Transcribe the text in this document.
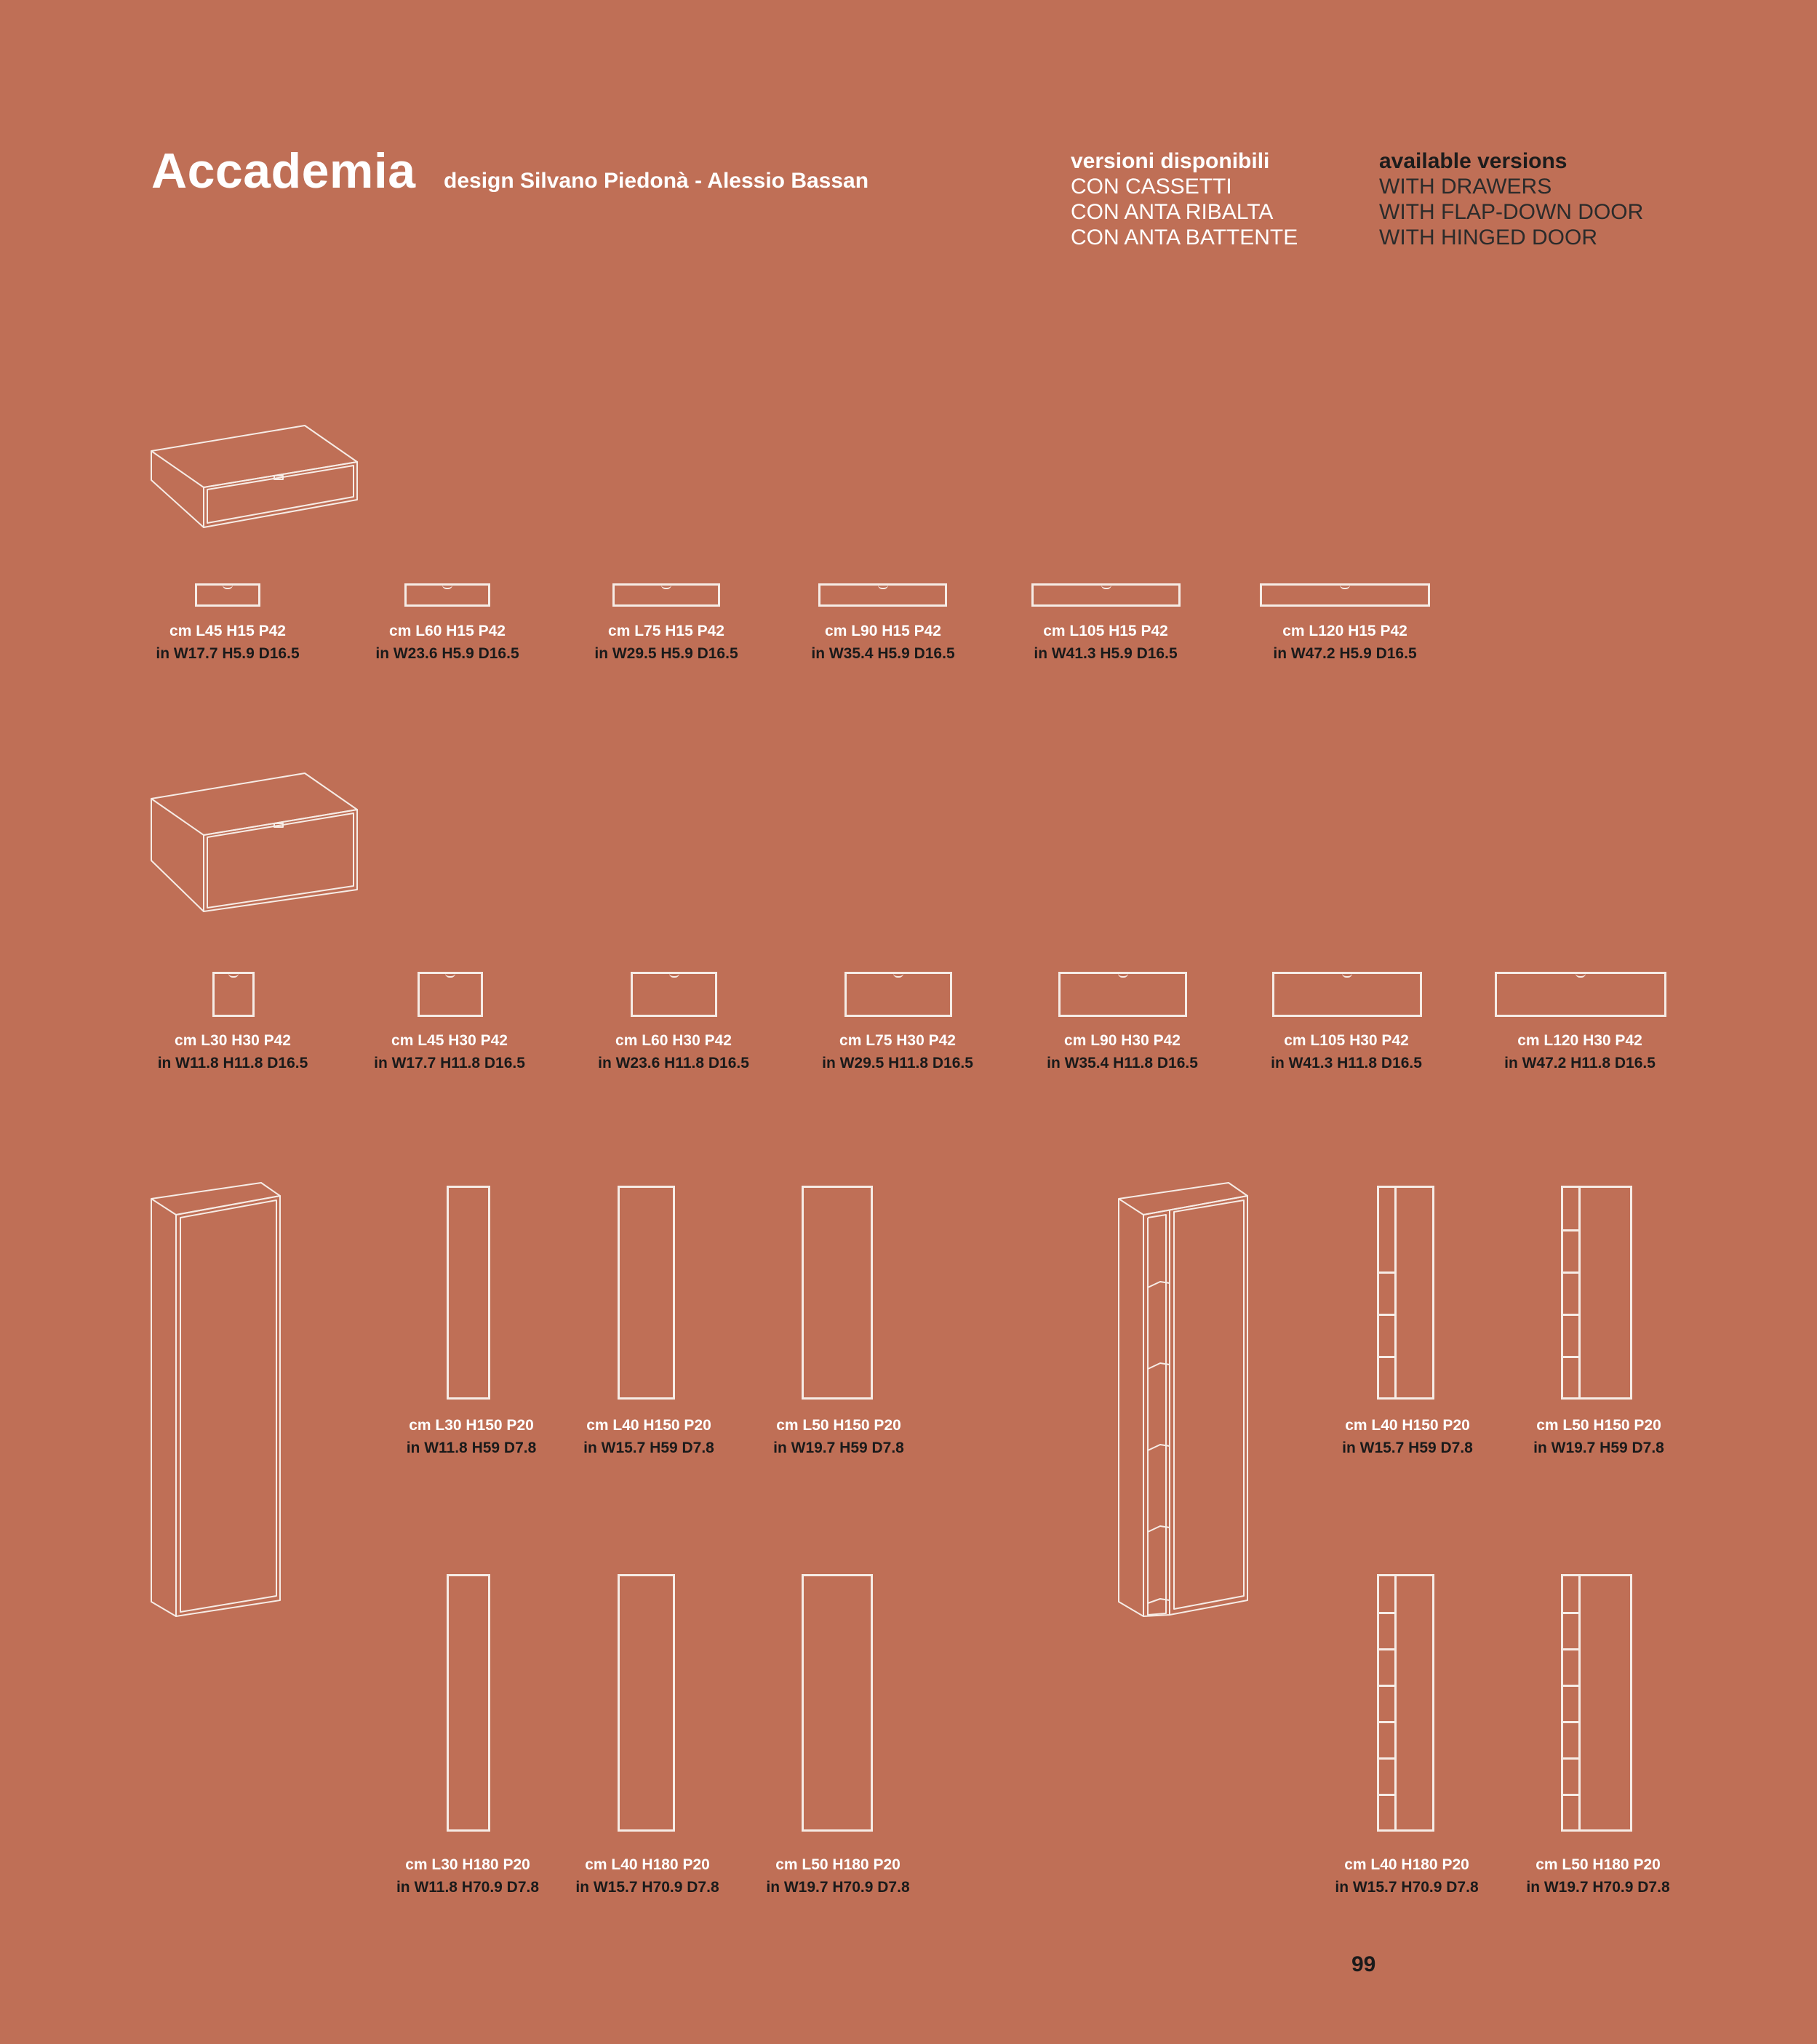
Accademia design Silvano Piedonà - Alessio Bassan
versioni disponibili
CON CASSETTI
CON ANTA RIBALTA
CON ANTA BATTENTE
available versions
WITH DRAWERS
WITH FLAP-DOWN DOOR
WITH HINGED DOOR
cm L45 H15 P42
in W17.7 H5.9 D16.5
cm L60 H15 P42
in W23.6 H5.9 D16.5
cm L75 H15 P42
in W29.5 H5.9 D16.5
cm L90 H15 P42
in W35.4 H5.9 D16.5
cm L105 H15 P42
in W41.3 H5.9 D16.5
cm L120 H15 P42
in W47.2 H5.9 D16.5
cm L30 H30 P42
in W11.8 H11.8 D16.5
cm L45 H30 P42
in W17.7 H11.8 D16.5
cm L60 H30 P42
in W23.6 H11.8 D16.5
cm L75 H30 P42
in W29.5 H11.8 D16.5
cm L90 H30 P42
in W35.4 H11.8 D16.5
cm L105 H30 P42
in W41.3 H11.8 D16.5
cm L120 H30 P42
in W47.2 H11.8 D16.5
cm L30 H150 P20
in W11.8 H59 D7.8
cm L40 H150 P20
in W15.7 H59 D7.8
cm L50 H150 P20
in W19.7 H59 D7.8
cm L30 H180 P20
in W11.8 H70.9 D7.8
cm L40 H180 P20
in W15.7 H70.9 D7.8
cm L50 H180 P20
in W19.7 H70.9 D7.8
cm L40 H150 P20
in W15.7 H59 D7.8
cm L50 H150 P20
in W19.7 H59 D7.8
cm L40 H180 P20
in W15.7 H70.9 D7.8
cm L50 H180 P20
in W19.7 H70.9 D7.8
99
